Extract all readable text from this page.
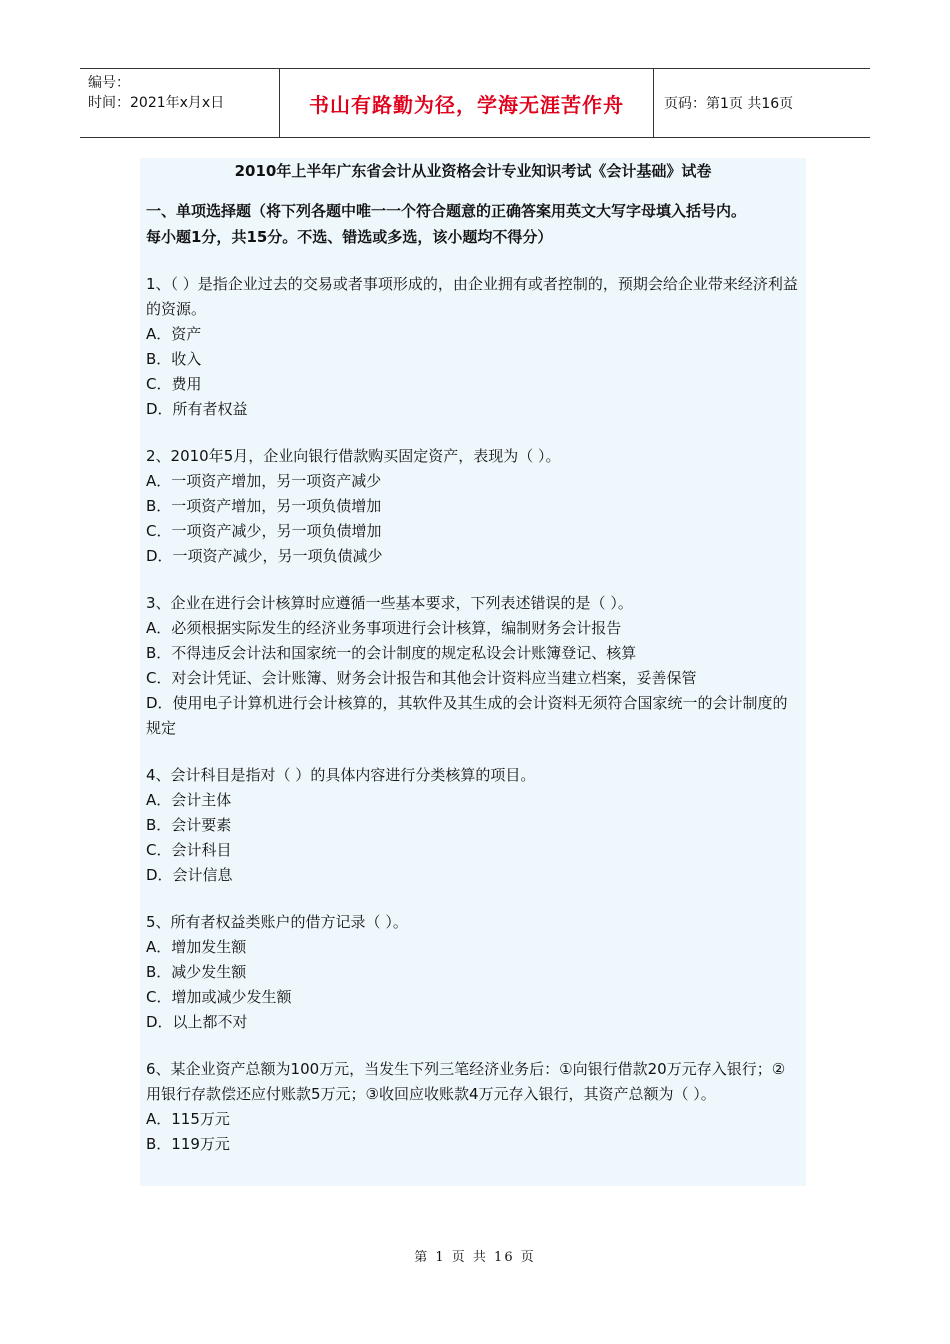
编号：
时间：2021年x月x日	书山有路勤为径，学海无涯苦作舟	页码：第1页 共16页

2010年上半年广东省会计从业资格会计专业知识考试《会计基础》试卷

一、单项选择题（将下列各题中唯一一个符合题意的正确答案用英文大写字母填入括号内。
每小题1分，共15分。不选、错选或多选，该小题均不得分）
1、（ ）是指企业过去的交易或者事项形成的，由企业拥有或者控制的，预期会给企业带来经济利益的资源。
A．资产
B．收入
C．费用
D．所有者权益
2、2010年5月，企业向银行借款购买固定资产，表现为（ ）。
A．一项资产增加，另一项资产减少
B．一项资产增加，另一项负债增加
C．一项资产减少，另一项负债增加
D．一项资产减少，另一项负债减少
3、企业在进行会计核算时应遵循一些基本要求，下列表述错误的是（ ）。
A．必须根据实际发生的经济业务事项进行会计核算，编制财务会计报告
B．不得违反会计法和国家统一的会计制度的规定私设会计账簿登记、核算
C．对会计凭证、会计账簿、财务会计报告和其他会计资料应当建立档案，妥善保管
D．使用电子计算机进行会计核算的，其软件及其生成的会计资料无须符合国家统一的会计制度的规定
4、会计科目是指对（ ）的具体内容进行分类核算的项目。
A．会计主体
B．会计要素
C．会计科目
D．会计信息
5、所有者权益类账户的借方记录（ ）。
A．增加发生额
B．减少发生额
C．增加或减少发生额
D．以上都不对
6、某企业资产总额为100万元，当发生下列三笔经济业务后：①向银行借款20万元存入银行；②用银行存款偿还应付账款5万元；③收回应收账款4万元存入银行，其资产总额为（ ）。
A．115万元
B．119万元
第 1 页 共 16 页
